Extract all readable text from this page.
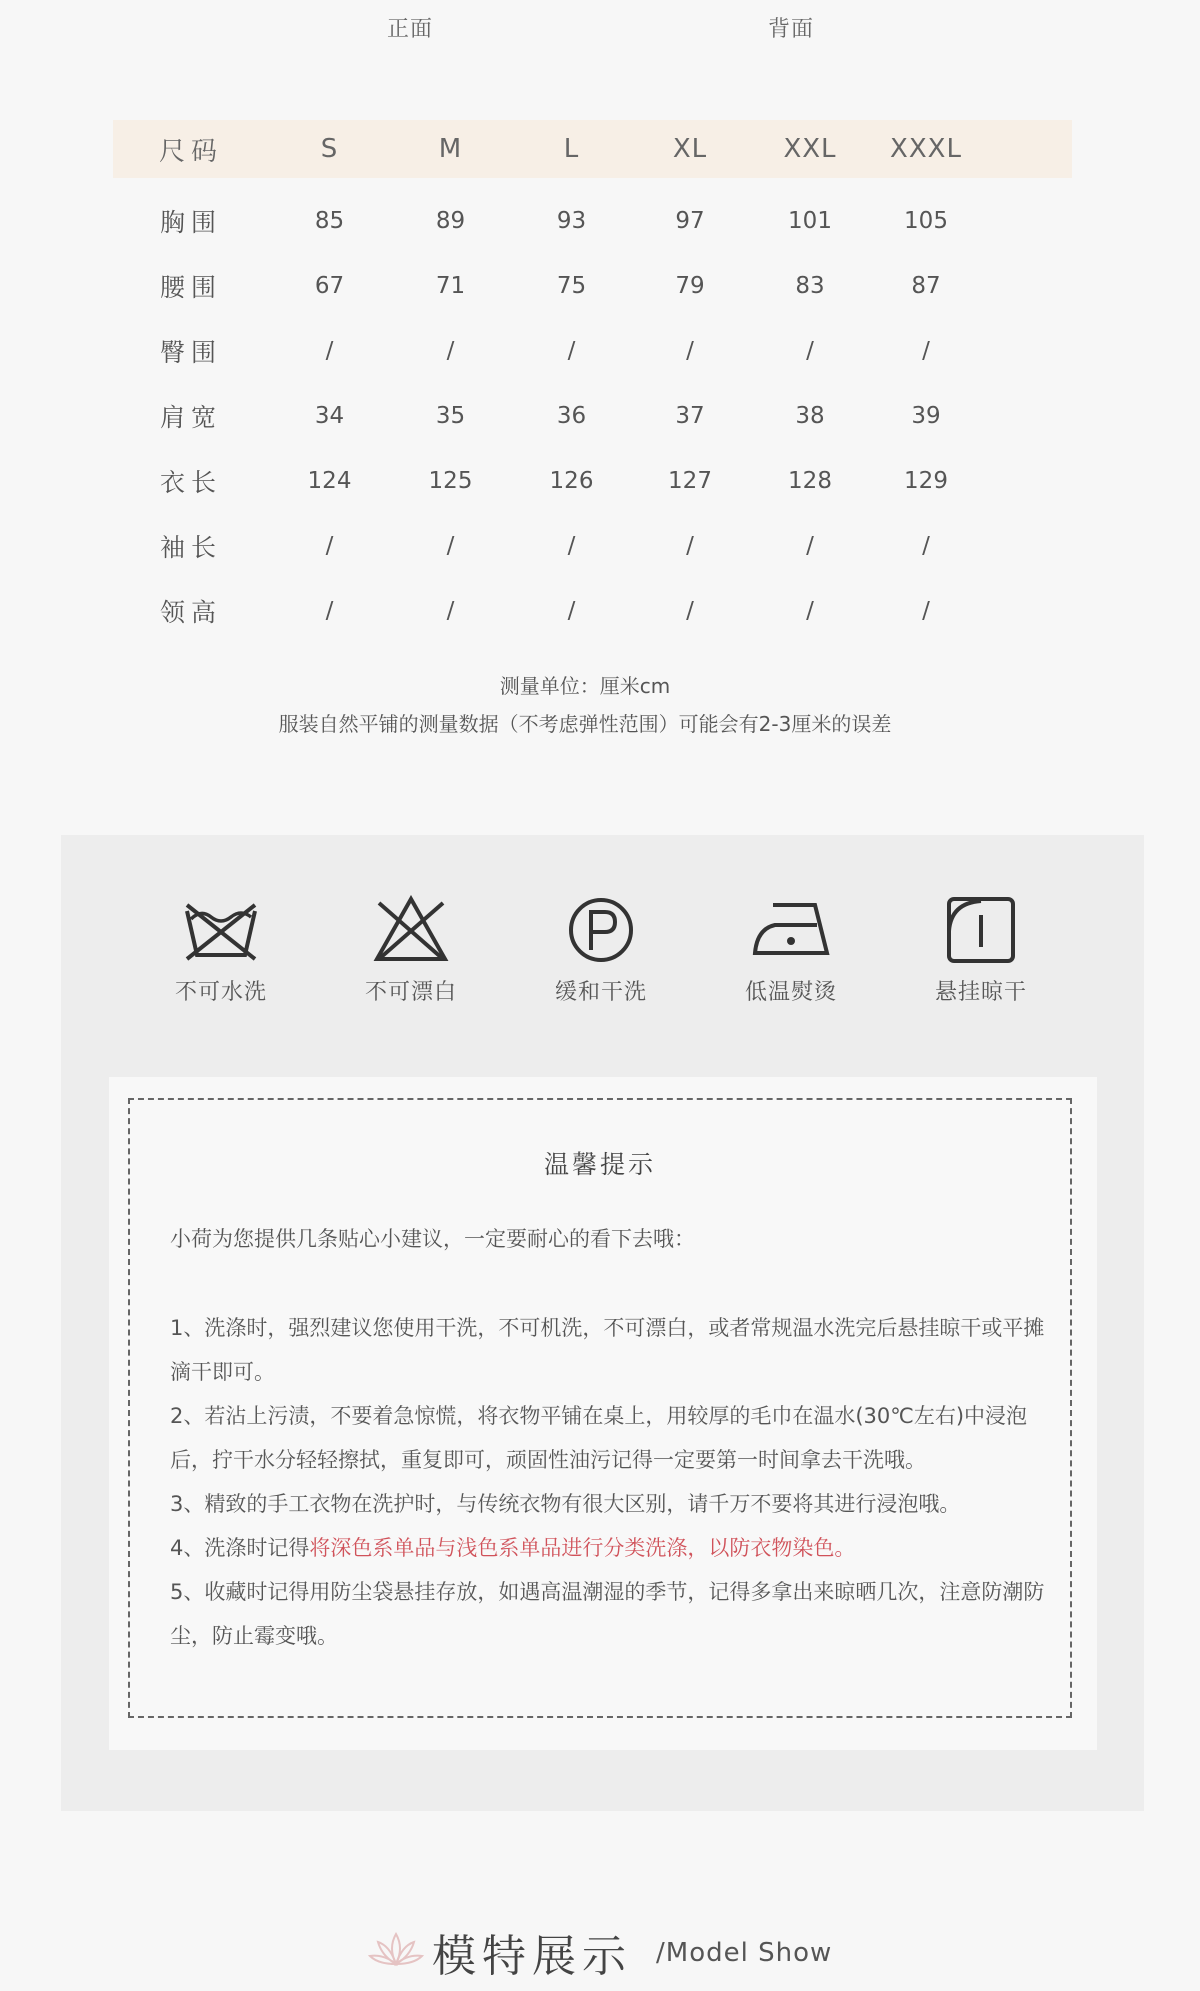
正面	背面
尺码	S	M	L	XL	XXL	XXXL	

胸围	85	89	93	97	101	105	
腰围	67	71	75	79	83	87	
臀围	/	/	/	/	/	/	
肩宽	34	35	36	37	38	39	
衣长	124	125	126	127	128	129	
袖长	/	/	/	/	/	/	
领高	/	/	/	/	/	/	
测量单位：厘米cm
服装自然平铺的测量数据（不考虑弹性范围）可能会有2-3厘米的误差
不可水洗	不可漂白	缓和干洗	低温熨烫	悬挂晾干
温馨提示
小荷为您提供几条贴心小建议，一定要耐心的看下去哦：

1、洗涤时，强烈建议您使用干洗，不可机洗，不可漂白，或者常规温水洗完后悬挂晾干或平摊滴干即可。

2、若沾上污渍，不要着急惊慌，将衣物平铺在桌上，用较厚的毛巾在温水(30℃左右)中浸泡后，拧干水分轻轻擦拭，重复即可，顽固性油污记得一定要第一时间拿去干洗哦。

3、精致的手工衣物在洗护时，与传统衣物有很大区别，请千万不要将其进行浸泡哦。

4、洗涤时记得将深色系单品与浅色系单品进行分类洗涤，以防衣物染色。

5、收藏时记得用防尘袋悬挂存放，如遇高温潮湿的季节，记得多拿出来晾晒几次，注意防潮防尘，防止霉变哦。

模特展示 /Model Show
